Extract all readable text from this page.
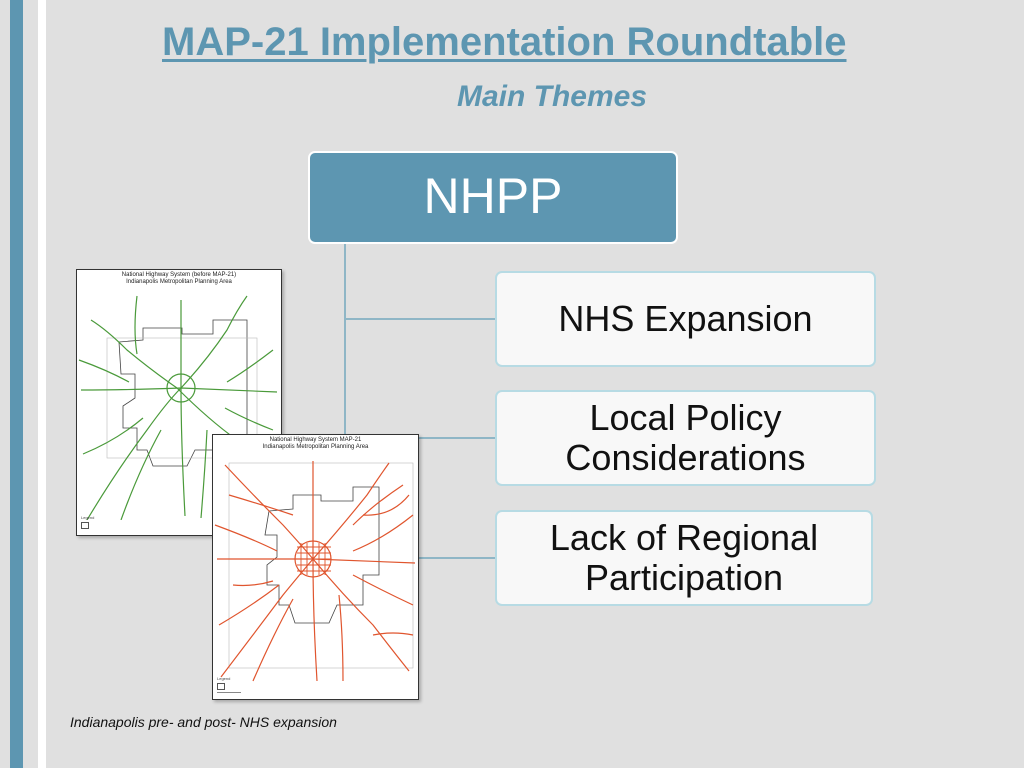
MAP-21 Implementation Roundtable
Main Themes
NHPP
NHS Expansion
Local Policy Considerations
Lack of Regional Participation
National Highway System (before MAP-21)
Indianapolis Metropolitan Planning Area
Legend
National Highway System MAP-21
Indianapolis Metropolitan Planning Area
Legend

Indianapolis pre- and post- NHS expansion
